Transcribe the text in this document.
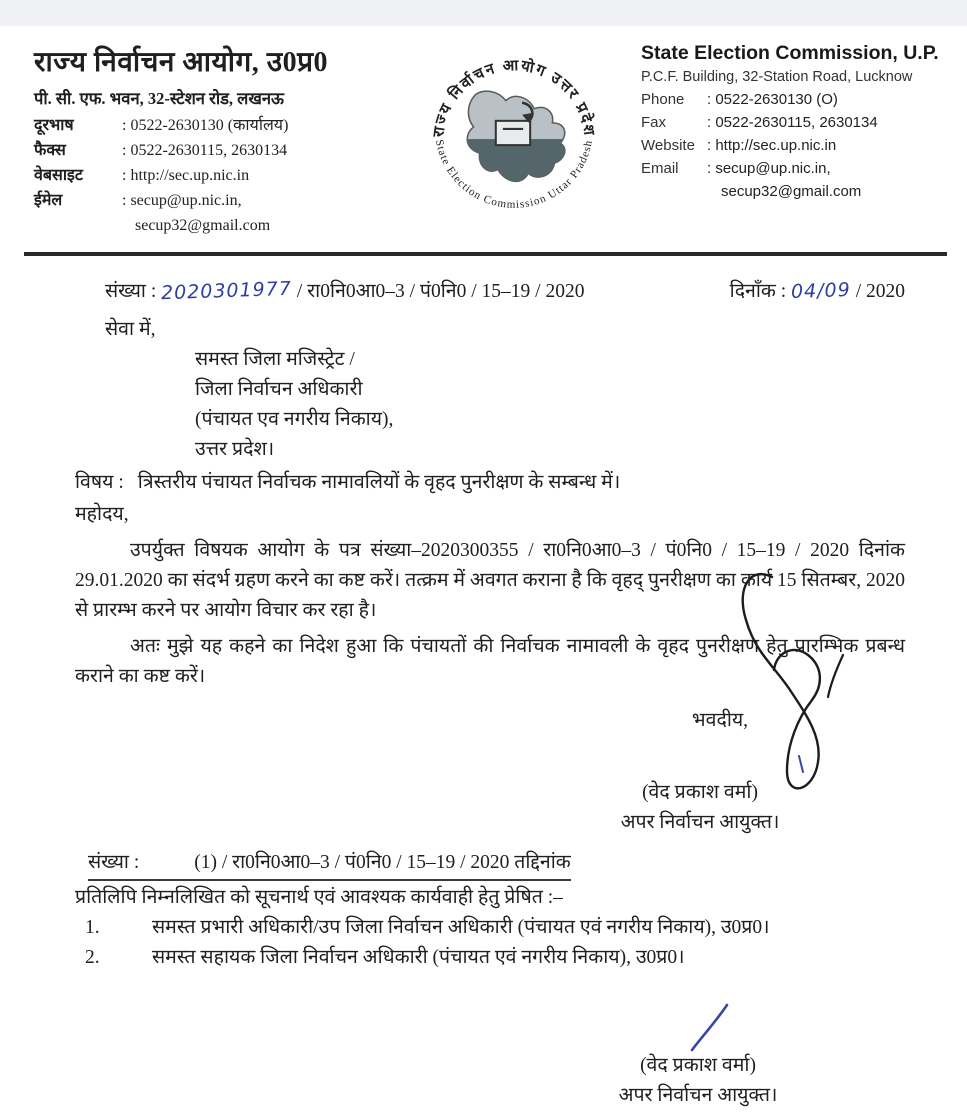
राज्य निर्वाचन आयोग, उ0प्र0
पी. सी. एफ. भवन, 32-स्टेशन रोड, लखनऊ
दूरभाष	: 0522-2630130 (कार्यालय)
फैक्स	: 0522-2630115, 2630134
वेबसाइट	: http://sec.up.nic.in
ईमेल	: secup@up.nic.in,
secup32@gmail.com
राज्य निर्वाचन आयोग उत्तर प्रदेश
State Election Commission Uttar Pradesh
State Election Commission, U.P.
P.C.F. Building, 32-Station Road, Lucknow
Phone	: 0522-2630130 (O)
Fax	: 0522-2630115, 2630134
Website : http://sec.up.nic.in
Email	: secup@up.nic.in,
secup32@gmail.com
संख्या : 2020301977 / रा0नि0आ0–3 / पं0नि0 / 15–19 / 2020	दिनाँक : 04/09 / 2020
सेवा में,
समस्त जिला मजिस्ट्रेट /
जिला निर्वाचन अधिकारी
(पंचायत एव नगरीय निकाय),
उत्तर प्रदेश।
विषय : त्रिस्तरीय पंचायत निर्वाचक नामावलियों के वृहद पुनरीक्षण के सम्बन्ध में।
महोदय,

उपर्युक्त विषयक आयोग के पत्र संख्या–2020300355 / रा0नि0आ0–3 / पं0नि0 / 15–19 / 2020 दिनांक 29.01.2020 का संदर्भ ग्रहण करने का कष्ट करें। तत्क्रम में अवगत कराना है कि वृहद् पुनरीक्षण का कार्य 15 सितम्बर, 2020 से प्रारम्भ करने पर आयोग विचार कर रहा है।

अतः मुझे यह कहने का निदेश हुआ कि पंचायतों की निर्वाचक नामावली के वृहद पुनरीक्षण हेतु प्रारम्भिक प्रबन्ध कराने का कष्ट करें।

भवदीय,
(वेद प्रकाश वर्मा)
अपर निर्वाचन आयुक्त।
संख्या :	(1) / रा0नि0आ0–3 / पं0नि0 / 15–19 / 2020 तद्दिनांक
प्रतिलिपि निम्नलिखित को सूचनार्थ एवं आवश्यक कार्यवाही हेतु प्रेषित :–
1.	समस्त प्रभारी अधिकारी/उप जिला निर्वाचन अधिकारी (पंचायत एवं नगरीय निकाय), उ0प्र0।
2.	समस्त सहायक जिला निर्वाचन अधिकारी (पंचायत एवं नगरीय निकाय), उ0प्र0।
(वेद प्रकाश वर्मा)
अपर निर्वाचन आयुक्त।
